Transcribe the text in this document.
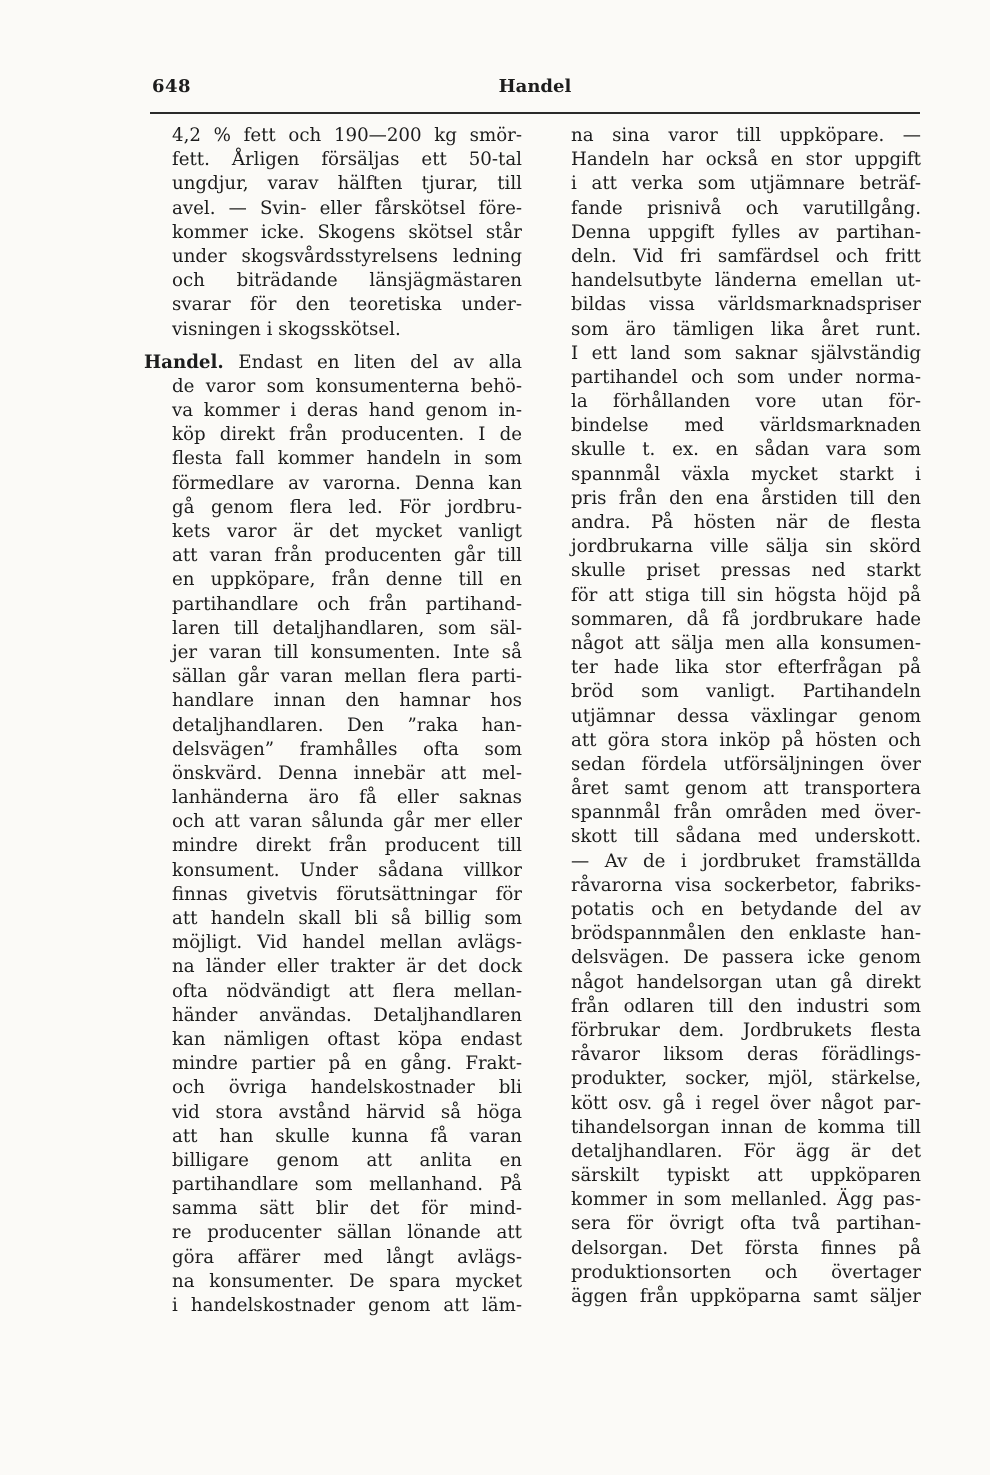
648	Handel
4,2 % fett och 190—200 kg smör-
fett. Årligen försäljas ett 50-tal
ungdjur, varav hälften tjurar, till
avel. — Svin- eller fårskötsel före-
kommer icke. Skogens skötsel står
under skogsvårdsstyrelsens ledning
och biträdande länsjägmästaren
svarar för den teoretiska under-
visningen i skogsskötsel.
Handel. Endast en liten del av alla
de varor som konsumenterna behö-
va kommer i deras hand genom in-
köp direkt från producenten. I de
flesta fall kommer handeln in som
förmedlare av varorna. Denna kan
gå genom flera led. För jordbru-
kets varor är det mycket vanligt
att varan från producenten går till
en uppköpare, från denne till en
partihandlare och från partihand-
laren till detaljhandlaren, som säl-
jer varan till konsumenten. Inte så
sällan går varan mellan flera parti-
handlare innan den hamnar hos
detaljhandlaren. Den ”raka han-
delsvägen” framhålles ofta som
önskvärd. Denna innebär att mel-
lanhänderna äro få eller saknas
och att varan sålunda går mer eller
mindre direkt från producent till
konsument. Under sådana villkor
finnas givetvis förutsättningar för
att handeln skall bli så billig som
möjligt. Vid handel mellan avlägs-
na länder eller trakter är det dock
ofta nödvändigt att flera mellan-
händer användas. Detaljhandlaren
kan nämligen oftast köpa endast
mindre partier på en gång. Frakt-
och övriga handelskostnader bli
vid stora avstånd härvid så höga
att han skulle kunna få varan
billigare genom att anlita en
partihandlare som mellanhand. På
samma sätt blir det för mind-
re producenter sällan lönande att
göra affärer med långt avlägs-
na konsumenter. De spara mycket
i handelskostnader genom att läm-
na sina varor till uppköpare. —
Handeln har också en stor uppgift
i att verka som utjämnare beträf-
fande prisnivå och varutillgång.
Denna uppgift fylles av partihan-
deln. Vid fri samfärdsel och fritt
handelsutbyte länderna emellan ut-
bildas vissa världsmarknadspriser
som äro tämligen lika året runt.
I ett land som saknar självständig
partihandel och som under norma-
la förhållanden vore utan för-
bindelse med världsmarknaden
skulle t. ex. en sådan vara som
spannmål växla mycket starkt i
pris från den ena årstiden till den
andra. På hösten när de flesta
jordbrukarna ville sälja sin skörd
skulle priset pressas ned starkt
för att stiga till sin högsta höjd på
sommaren, då få jordbrukare hade
något att sälja men alla konsumen-
ter hade lika stor efterfrågan på
bröd som vanligt. Partihandeln
utjämnar dessa växlingar genom
att göra stora inköp på hösten och
sedan fördela utförsäljningen över
året samt genom att transportera
spannmål från områden med över-
skott till sådana med underskott.
— Av de i jordbruket framställda
råvarorna visa sockerbetor, fabriks-
potatis och en betydande del av
brödspannmålen den enklaste han-
delsvägen. De passera icke genom
något handelsorgan utan gå direkt
från odlaren till den industri som
förbrukar dem. Jordbrukets flesta
råvaror liksom deras förädlings-
produkter, socker, mjöl, stärkelse,
kött osv. gå i regel över något par-
tihandelsorgan innan de komma till
detaljhandlaren. För ägg är det
särskilt typiskt att uppköparen
kommer in som mellanled. Ägg pas-
sera för övrigt ofta två partihan-
delsorgan. Det första finnes på
produktionsorten och övertager
äggen från uppköparna samt säljer
